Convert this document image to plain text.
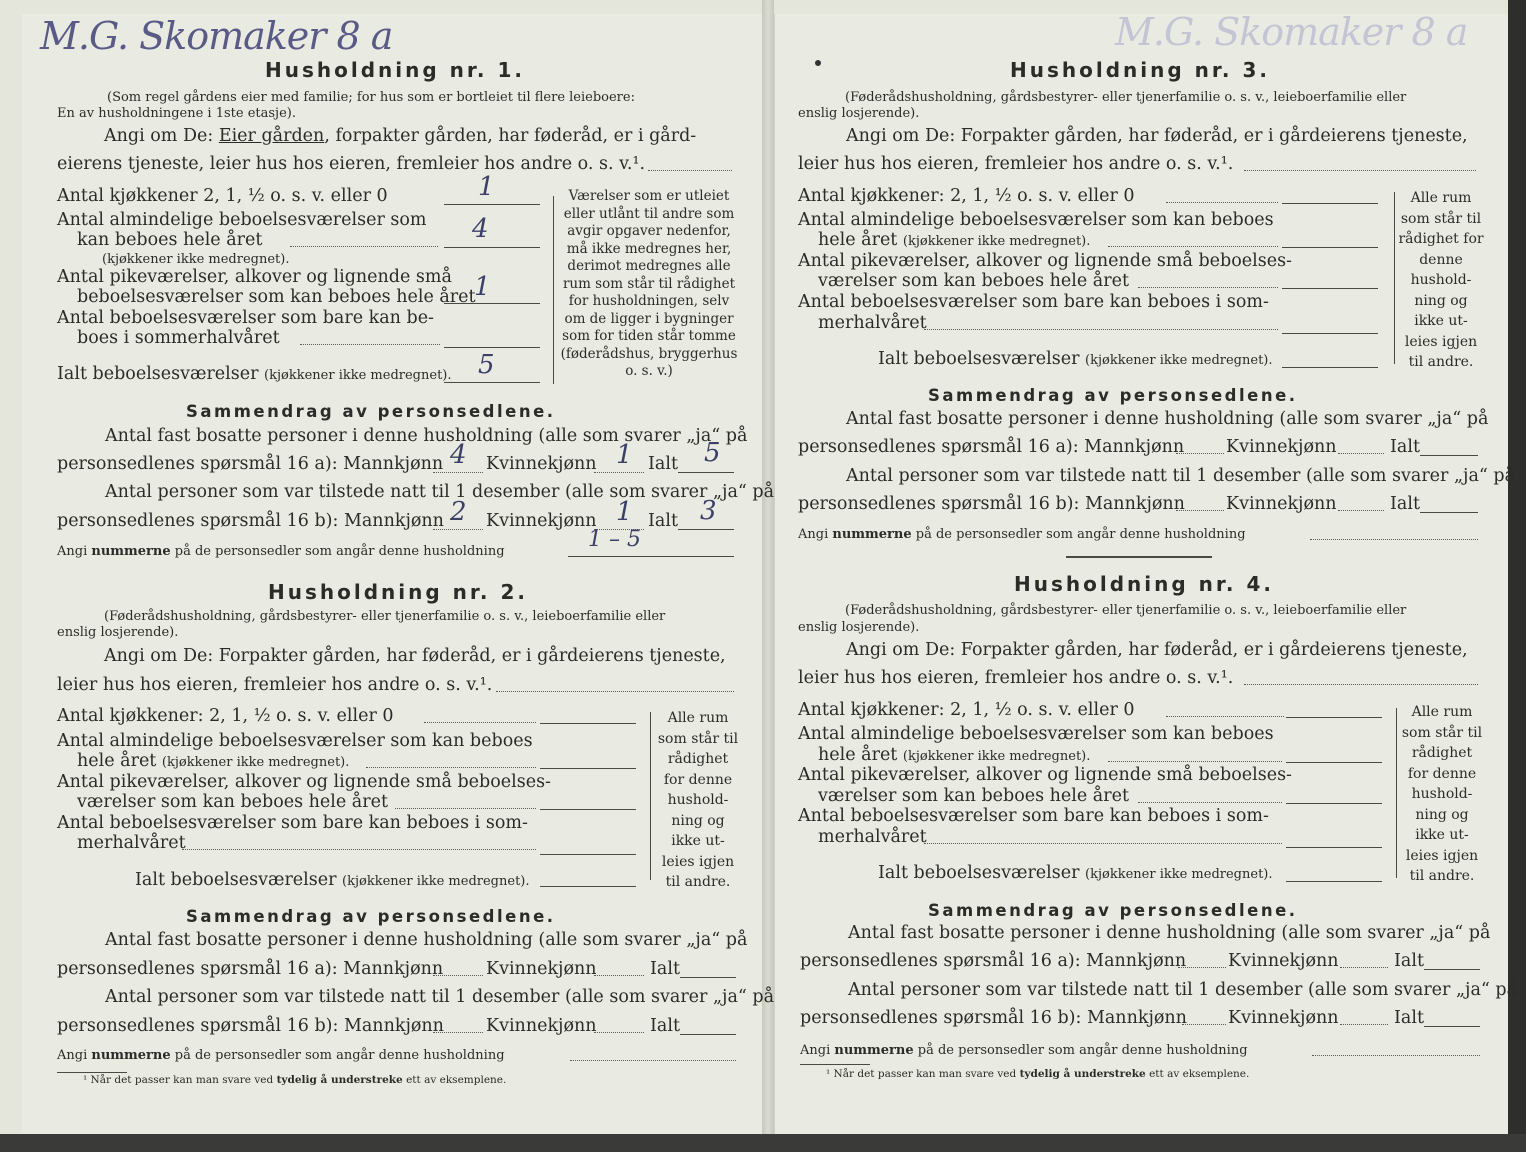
M.G. Skomaker 8 a	M.G. Skomaker 8 a
Husholdning nr. 1.
(Som regel gårdens eier med familie; for hus som er bortleiet til flere leieboere:
En av husholdningene i 1ste etasje).
Angi om De: Eier gården, forpakter gården, har føderåd, er i gård-
eierens tjeneste, leier hus hos eieren, fremleier hos andre o. s. v.¹.
Antal kjøkkener 2, 1, ½ o. s. v. eller 0	1
Antal almindelige beboelsesværelser som
kan beboes hele året	4
(kjøkkener ikke medregnet).
Antal pikeværelser, alkover og lignende små
beboelsesværelser som kan beboes hele året
1
Antal beboelsesværelser som bare kan be-
boes i sommerhalvåret
Ialt beboelsesværelser (kjøkkener ikke medregnet). 5
Værelser som er utleiet eller utlånt til andre som avgir opgaver nedenfor, må ikke medregnes her, derimot medregnes alle rum som står til rådighet for husholdningen, selv om de ligger i bygninger som for tiden står tomme (føderådshus, bryggerhus o. s. v.)
Sammendrag av personsedlene.
Antal fast bosatte personer i denne husholdning (alle som svarer „ja“ på
personsedlenes spørsmål 16 a): Mannkjønn 4 Kvinnekjønn 1 Ialt 5
Antal personer som var tilstede natt til 1 desember (alle som svarer „ja“ på
personsedlenes spørsmål 16 b): Mannkjønn 2 Kvinnekjønn 1 Ialt 3
Angi nummerne på de personsedler som angår denne husholdning	1 – 5
Husholdning nr. 2.
(Føderådshusholdning, gårdsbestyrer- eller tjenerfamilie o. s. v., leieboerfamilie eller
enslig losjerende).
Angi om De: Forpakter gården, har føderåd, er i gårdeierens tjeneste,
leier hus hos eieren, fremleier hos andre o. s. v.¹.
Antal kjøkkener: 2, 1, ½ o. s. v. eller 0
Antal almindelige beboelsesværelser som kan beboes
hele året (kjøkkener ikke medregnet).
Antal pikeværelser, alkover og lignende små beboelses-
værelser som kan beboes hele året
Antal beboelsesværelser som bare kan beboes i som-
merhalvåret
Ialt beboelsesværelser (kjøkkener ikke medregnet).
Alle rum som står til rådighet for denne hushold-ning og ikke ut-leies igjen til andre.
Sammendrag av personsedlene.
Antal fast bosatte personer i denne husholdning (alle som svarer „ja“ på
personsedlenes spørsmål 16 a): Mannkjønn Kvinnekjønn	Ialt
Antal personer som var tilstede natt til 1 desember (alle som svarer „ja“ på
personsedlenes spørsmål 16 b): Mannkjønn Kvinnekjønn	Ialt
Angi nummerne på de personsedler som angår denne husholdning
¹ Når det passer kan man svare ved tydelig å understreke ett av eksemplene.
Husholdning nr. 3.
(Føderådshusholdning, gårdsbestyrer- eller tjenerfamilie o. s. v., leieboerfamilie eller
enslig losjerende).
Angi om De: Forpakter gården, har føderåd, er i gårdeierens tjeneste,
leier hus hos eieren, fremleier hos andre o. s. v.¹.
Antal kjøkkener: 2, 1, ½ o. s. v. eller 0
Antal almindelige beboelsesværelser som kan beboes
hele året (kjøkkener ikke medregnet).
Antal pikeværelser, alkover og lignende små beboelses-
værelser som kan beboes hele året
Antal beboelsesværelser som bare kan beboes i som-
merhalvåret
Ialt beboelsesværelser (kjøkkener ikke medregnet).
Alle rum som står til rådighet for denne hushold-ning og ikke ut-leies igjen til andre.
Sammendrag av personsedlene.
Antal fast bosatte personer i denne husholdning (alle som svarer „ja“ på
personsedlenes spørsmål 16 a): Mannkjønn Kvinnekjønn	Ialt
Antal personer som var tilstede natt til 1 desember (alle som svarer „ja“ på
personsedlenes spørsmål 16 b): Mannkjønn Kvinnekjønn	Ialt
Angi nummerne på de personsedler som angår denne husholdning
Husholdning nr. 4.
(Føderådshusholdning, gårdsbestyrer- eller tjenerfamilie o. s. v., leieboerfamilie eller
enslig losjerende).
Angi om De: Forpakter gården, har føderåd, er i gårdeierens tjeneste,
leier hus hos eieren, fremleier hos andre o. s. v.¹.
Antal kjøkkener: 2, 1, ½ o. s. v. eller 0
Antal almindelige beboelsesværelser som kan beboes
hele året (kjøkkener ikke medregnet).
Antal pikeværelser, alkover og lignende små beboelses-
værelser som kan beboes hele året
Antal beboelsesværelser som bare kan beboes i som-
merhalvåret
Ialt beboelsesværelser (kjøkkener ikke medregnet).
Alle rum som står til rådighet for denne hushold-ning og ikke ut-leies igjen til andre.
Sammendrag av personsedlene.
Antal fast bosatte personer i denne husholdning (alle som svarer „ja“ på
personsedlenes spørsmål 16 a): Mannkjønn Kvinnekjønn	Ialt
Antal personer som var tilstede natt til 1 desember (alle som svarer „ja“ på
personsedlenes spørsmål 16 b): Mannkjønn Kvinnekjønn	Ialt
Angi nummerne på de personsedler som angår denne husholdning
¹ Når det passer kan man svare ved tydelig å understreke ett av eksemplene.
